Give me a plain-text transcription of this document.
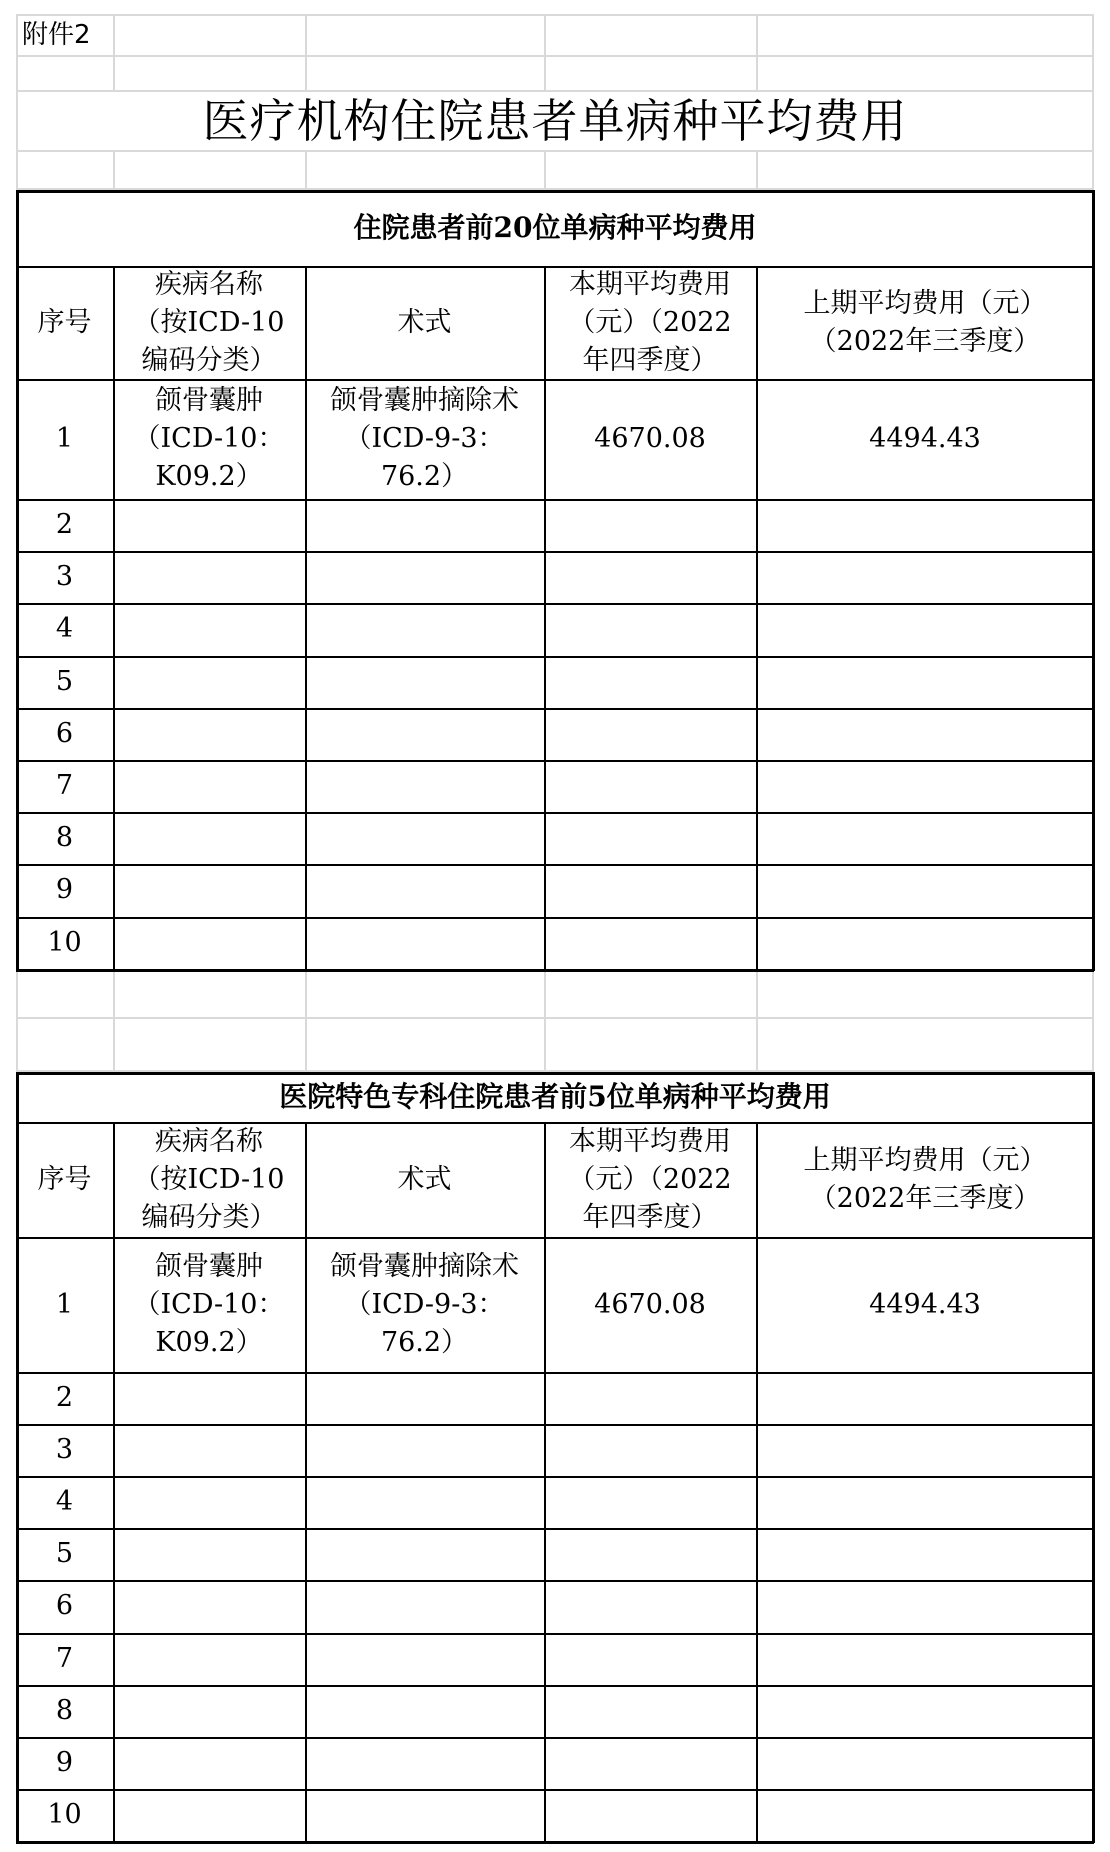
附件2
医疗机构住院患者单病种平均费用
住院患者前20位单病种平均费用
序号
疾病名称
（按ICD-10
编码分类）
术式
本期平均费用
（元）（2022
年四季度）
上期平均费用（元）
（2022年三季度）
1
颌骨囊肿
（ICD-10：
K09.2）
颌骨囊肿摘除术
（ICD-9-3：
76.2）
4670.08	4494.43
2
3
4
5
6
7
8
9
10
医院特色专科住院患者前5位单病种平均费用
序号
疾病名称
（按ICD-10
编码分类）
术式
本期平均费用
（元）（2022
年四季度）
上期平均费用（元）
（2022年三季度）
1
颌骨囊肿
（ICD-10：
K09.2）
颌骨囊肿摘除术
（ICD-9-3：
76.2）
4670.08	4494.43
2
3
4
5
6
7
8
9
10
